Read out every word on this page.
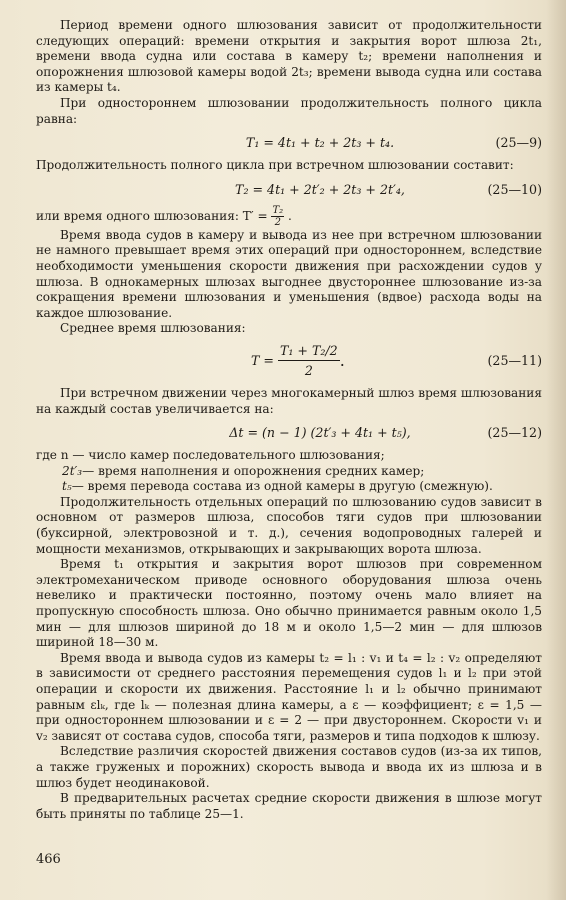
Период времени одного шлюзования зависит от продолжительности следующих операций: времени открытия и закрытия ворот шлюза 2t₁, времени ввода судна или состава в камеру t₂; времени наполнения и опорожнения шлюзовой камеры водой 2t₃; времени вывода судна или состава из камеры t₄.

При одностороннем шлюзовании продолжительность полного цикла равна:

T₁ = 4t₁ + t₂ + 2t₃ + t₄.	(25—9)

Продолжительность полного цикла при встречном шлюзовании составит:

T₂ = 4t₁ + 2t′₂ + 2t₃ + 2t′₄,	(25—10)

или время одного шлюзования: $T' = \frac{\text{T₂}}{2}$ .

Время ввода судов в камеру и вывода из нее при встречном шлюзовании не намного превышает время этих операций при одностороннем, вследствие необходимости уменьшения скорости движения при расхождении судов у шлюза. В однокамерных шлюзах выгоднее двустороннее шлюзование из-за сокращения времени шлюзования и уменьшения (вдвое) расхода воды на каждое шлюзование.

Среднее время шлюзования:

$T = \frac{\text{T₁ + T₂/2}}{2}$ .	(25—11)

При встречном движении через многокамерный шлюз время шлюзования на каждый состав увеличивается на:

Δt = (n − 1) (2t′₃ + 4t₁ + t₅),	(25—12)
где n — число камер последовательного шлюзования;
2t′₃ — время наполнения и опорожнения средних камер;
t₅ — время перевода состава из одной камеры в другую (смежную).

Продолжительность отдельных операций по шлюзованию судов зависит в основном от размеров шлюза, способов тяги судов при шлюзовании (буксирной, электровозной и т. д.), сечения водопроводных галерей и мощности механизмов, открывающих и закрывающих ворота шлюза.

Время t₁ открытия и закрытия ворот шлюзов при современном электромеханическом приводе основного оборудования шлюза очень невелико и практически постоянно, поэтому очень мало влияет на пропускную способность шлюза. Оно обычно принимается равным около 1,5 мин — для шлюзов шириной до 18 м и около 1,5—2 мин — для шлюзов шириной 18—30 м.

Время ввода и вывода судов из камеры t₂ = l₁ : v₁ и t₄ = l₂ : v₂ определяют в зависимости от среднего расстояния перемещения судов l₁ и l₂ при этой операции и скорости их движения. Расстояние l₁ и l₂ обычно принимают равным εlₖ, где lₖ — полезная длина камеры, а ε — коэффициент; ε = 1,5 — при одностороннем шлюзовании и ε = 2 — при двустороннем. Скорости v₁ и v₂ зависят от состава судов, способа тяги, размеров и типа подходов к шлюзу.

Вследствие различия скоростей движения составов судов (из-за их типов, а также груженых и порожних) скорость вывода и ввода их из шлюза и в шлюз будет неодинаковой.

В предварительных расчетах средние скорости движения в шлюзе могут быть приняты по таблице 25—1.

466
